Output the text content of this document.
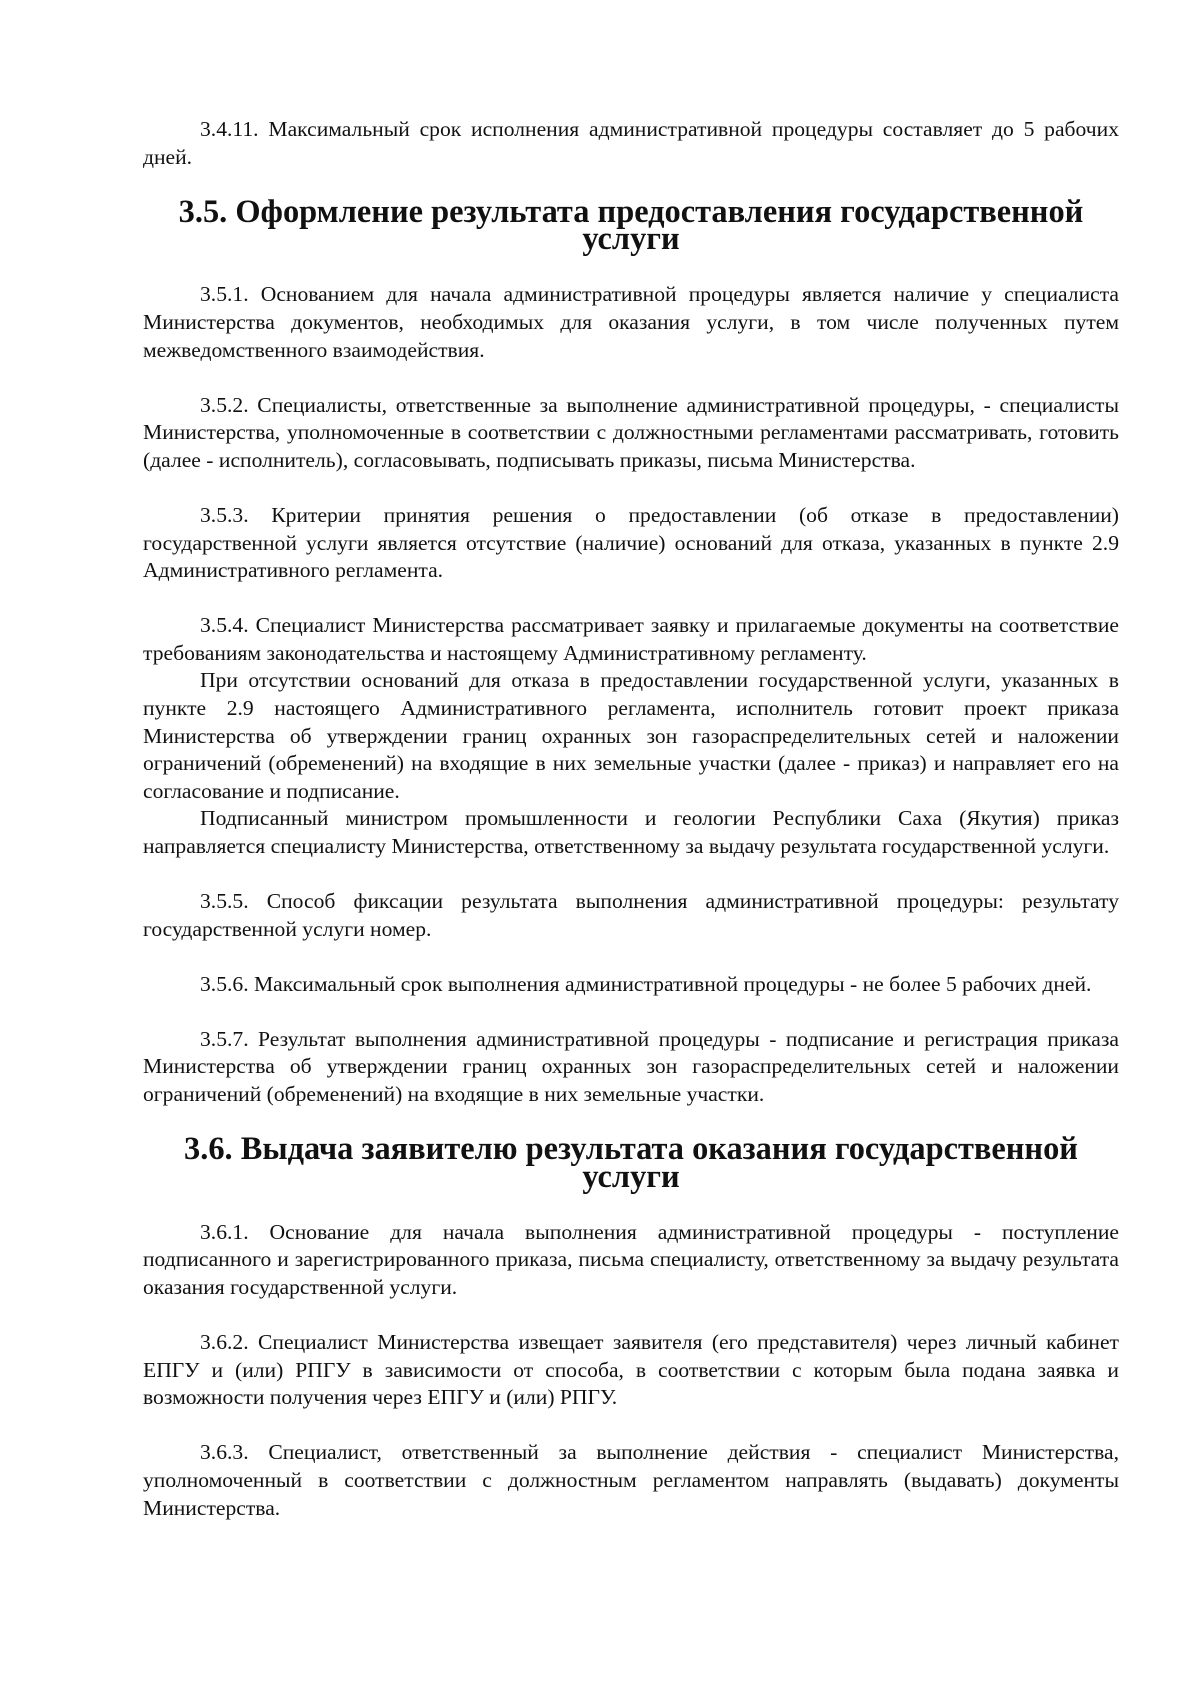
3.4.11. Максимальный срок исполнения административной процедуры составляет до 5 рабочих дней.

3.5. Оформление результата предоставления государственной услуги

3.5.1. Основанием для начала административной процедуры является наличие у специалиста Министерства документов, необходимых для оказания услуги, в том числе полученных путем межведомственного взаимодействия.

3.5.2. Специалисты, ответственные за выполнение административной процедуры, - специалисты Министерства, уполномоченные в соответствии с должностными регламентами рассматривать, готовить (далее - исполнитель), согласовывать, подписывать приказы, письма Министерства.

3.5.3. Критерии принятия решения о предоставлении (об отказе в предоставлении) государственной услуги является отсутствие (наличие) оснований для отказа, указанных в пункте 2.9 Административного регламента.

3.5.4. Специалист Министерства рассматривает заявку и прилагаемые документы на соответствие требованиям законодательства и настоящему Административному регламенту.

При отсутствии оснований для отказа в предоставлении государственной услуги, указанных в пункте 2.9 настоящего Административного регламента, исполнитель готовит проект приказа Министерства об утверждении границ охранных зон газораспределительных сетей и наложении ограничений (обременений) на входящие в них земельные участки (далее - приказ) и направляет его на согласование и подписание.

Подписанный министром промышленности и геологии Республики Саха (Якутия) приказ направляется специалисту Министерства, ответственному за выдачу результата государственной услуги.

3.5.5. Способ фиксации результата выполнения административной процедуры: результату государственной услуги номер.

3.5.6. Максимальный срок выполнения административной процедуры - не более 5 рабочих дней.

3.5.7. Результат выполнения административной процедуры - подписание и регистрация приказа Министерства об утверждении границ охранных зон газораспределительных сетей и наложении ограничений (обременений) на входящие в них земельные участки.

3.6. Выдача заявителю результата оказания государственной услуги

3.6.1. Основание для начала выполнения административной процедуры - поступление подписанного и зарегистрированного приказа, письма специалисту, ответственному за выдачу результата оказания государственной услуги.

3.6.2. Специалист Министерства извещает заявителя (его представителя) через личный кабинет ЕПГУ и (или) РПГУ в зависимости от способа, в соответствии с которым была подана заявка и возможности получения через ЕПГУ и (или) РПГУ.

3.6.3. Специалист, ответственный за выполнение действия - специалист Министерства, уполномоченный в соответствии с должностным регламентом направлять (выдавать) документы Министерства.
